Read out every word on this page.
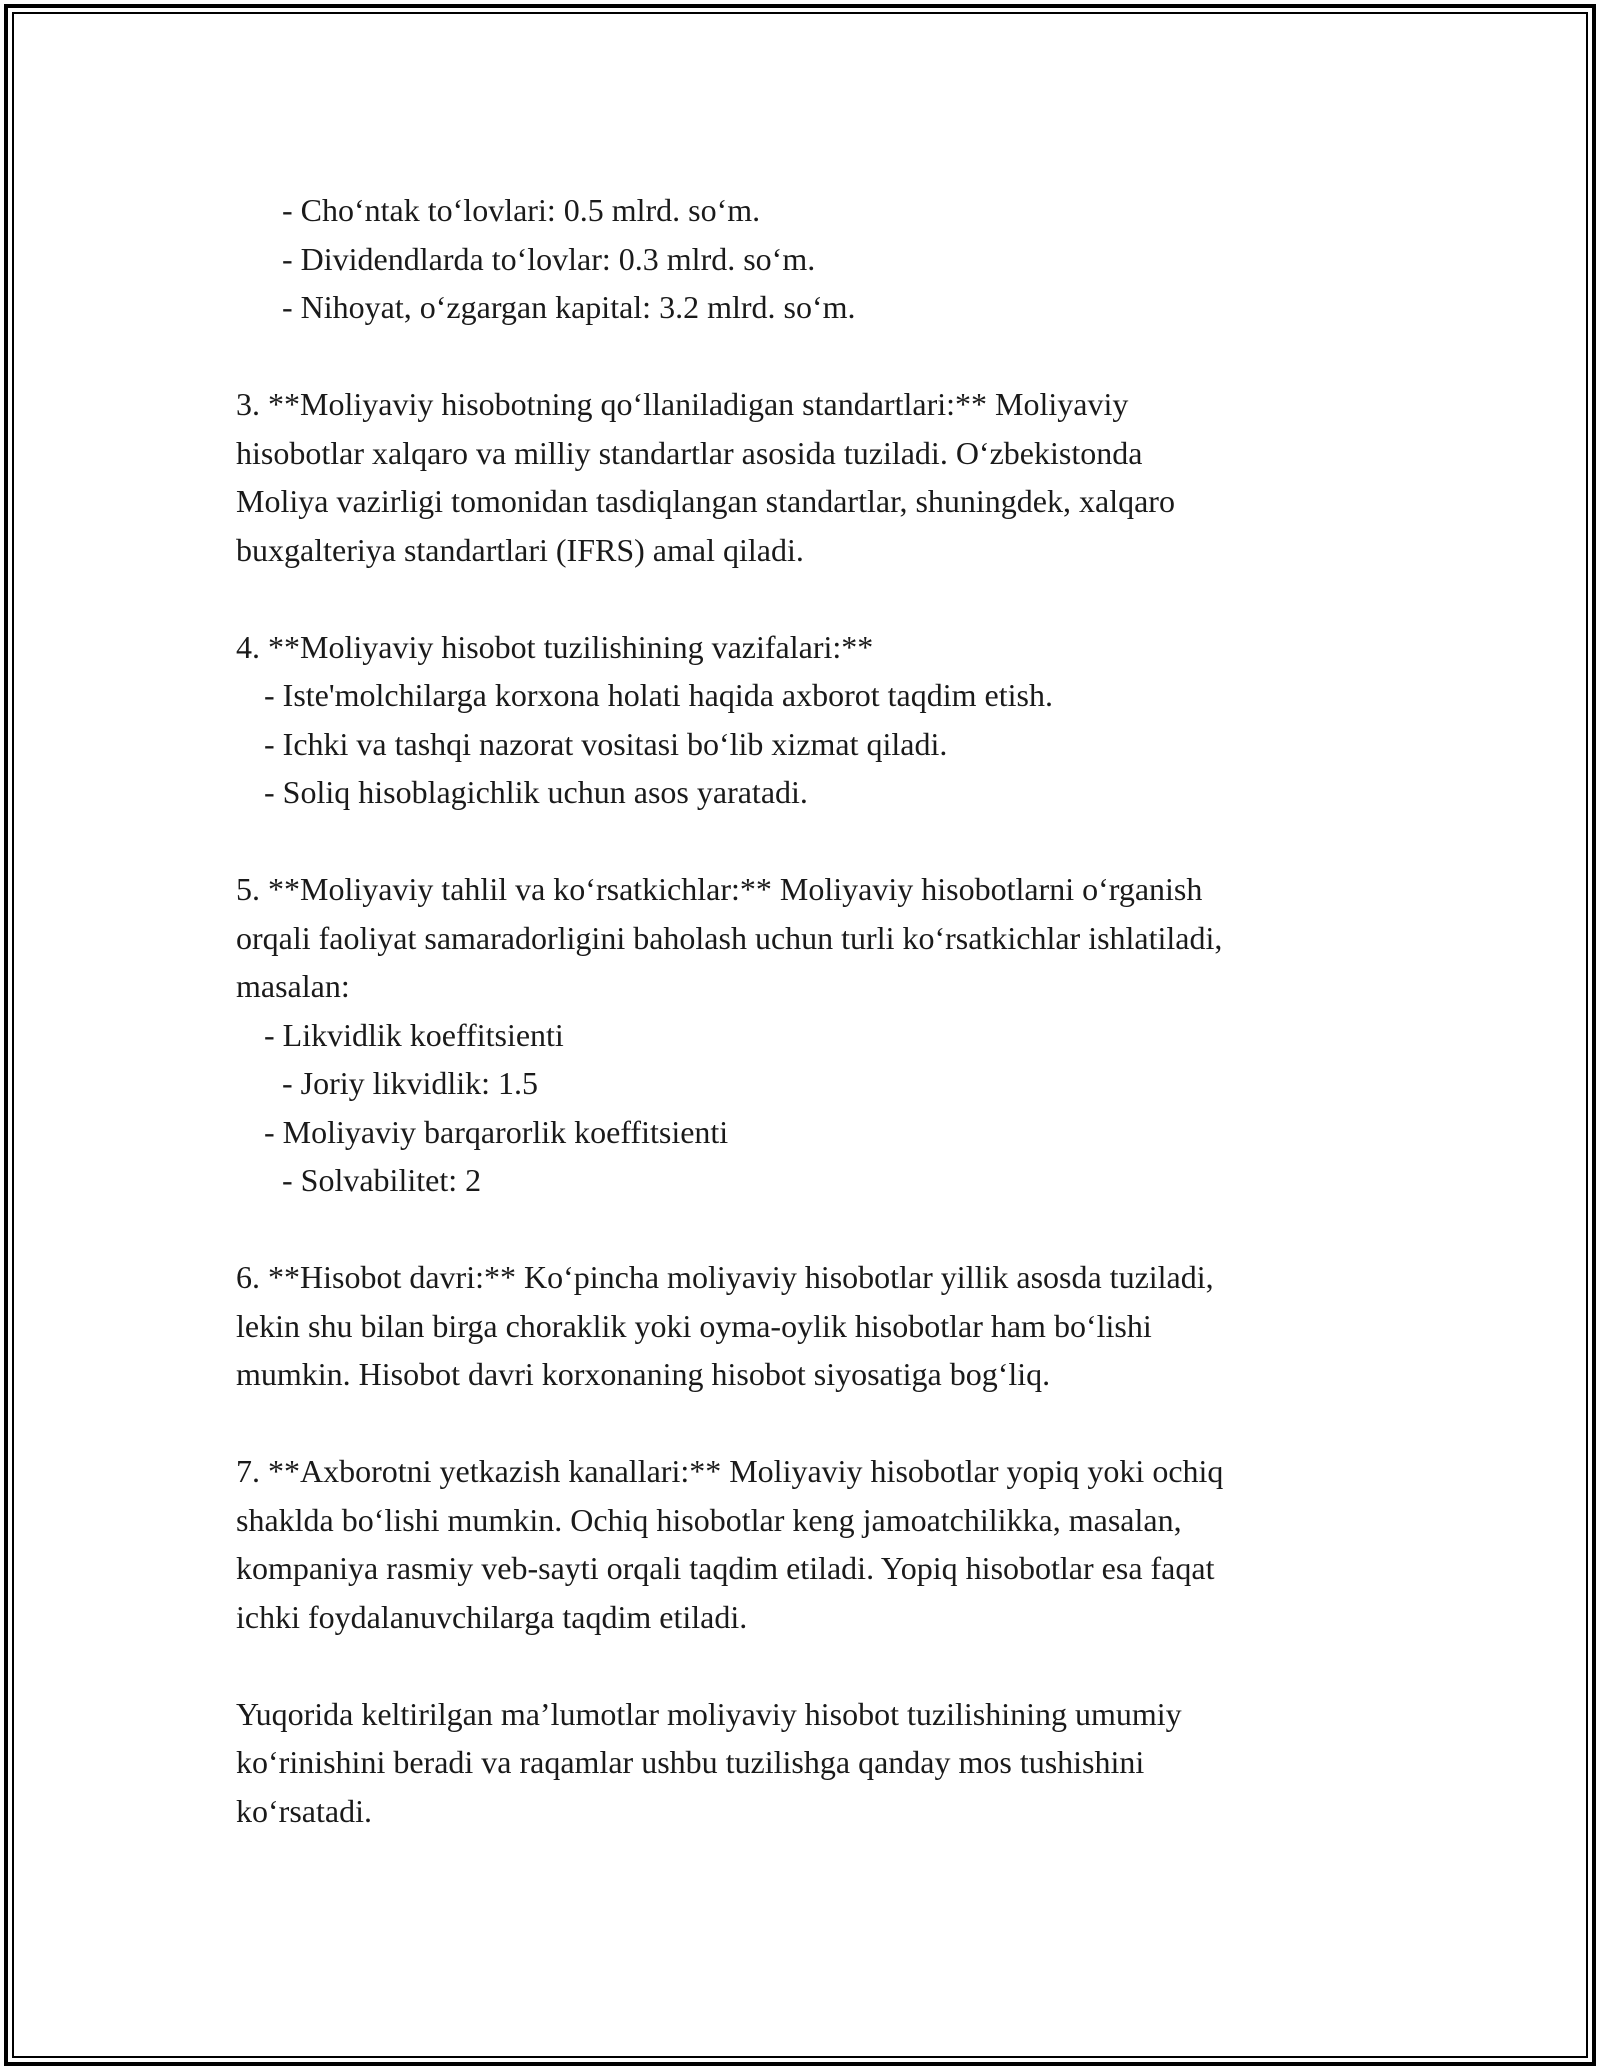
- Cho‘ntak to‘lovlari: 0.5 mlrd. so‘m.
- Dividendlarda to‘lovlar: 0.3 mlrd. so‘m.
- Nihoyat, o‘zgargan kapital: 3.2 mlrd. so‘m.
3. **Moliyaviy hisobotning qo‘llaniladigan standartlari:** Moliyaviy
hisobotlar xalqaro va milliy standartlar asosida tuziladi. O‘zbekistonda
Moliya vazirligi tomonidan tasdiqlangan standartlar, shuningdek, xalqaro
buxgalteriya standartlari (IFRS) amal qiladi.
4. **Moliyaviy hisobot tuzilishining vazifalari:**
- Iste'molchilarga korxona holati haqida axborot taqdim etish.
- Ichki va tashqi nazorat vositasi bo‘lib xizmat qiladi.
- Soliq hisoblagichlik uchun asos yaratadi.
5. **Moliyaviy tahlil va ko‘rsatkichlar:** Moliyaviy hisobotlarni o‘rganish
orqali faoliyat samaradorligini baholash uchun turli ko‘rsatkichlar ishlatiladi,
masalan:
- Likvidlik koeffitsienti
- Joriy likvidlik: 1.5
- Moliyaviy barqarorlik koeffitsienti
- Solvabilitet: 2
6. **Hisobot davri:** Ko‘pincha moliyaviy hisobotlar yillik asosda tuziladi,
lekin shu bilan birga choraklik yoki oyma-oylik hisobotlar ham bo‘lishi
mumkin. Hisobot davri korxonaning hisobot siyosatiga bog‘liq.
7. **Axborotni yetkazish kanallari:** Moliyaviy hisobotlar yopiq yoki ochiq
shaklda bo‘lishi mumkin. Ochiq hisobotlar keng jamoatchilikka, masalan,
kompaniya rasmiy veb-sayti orqali taqdim etiladi. Yopiq hisobotlar esa faqat
ichki foydalanuvchilarga taqdim etiladi.
Yuqorida keltirilgan ma’lumotlar moliyaviy hisobot tuzilishining umumiy
ko‘rinishini beradi va raqamlar ushbu tuzilishga qanday mos tushishini
ko‘rsatadi.
